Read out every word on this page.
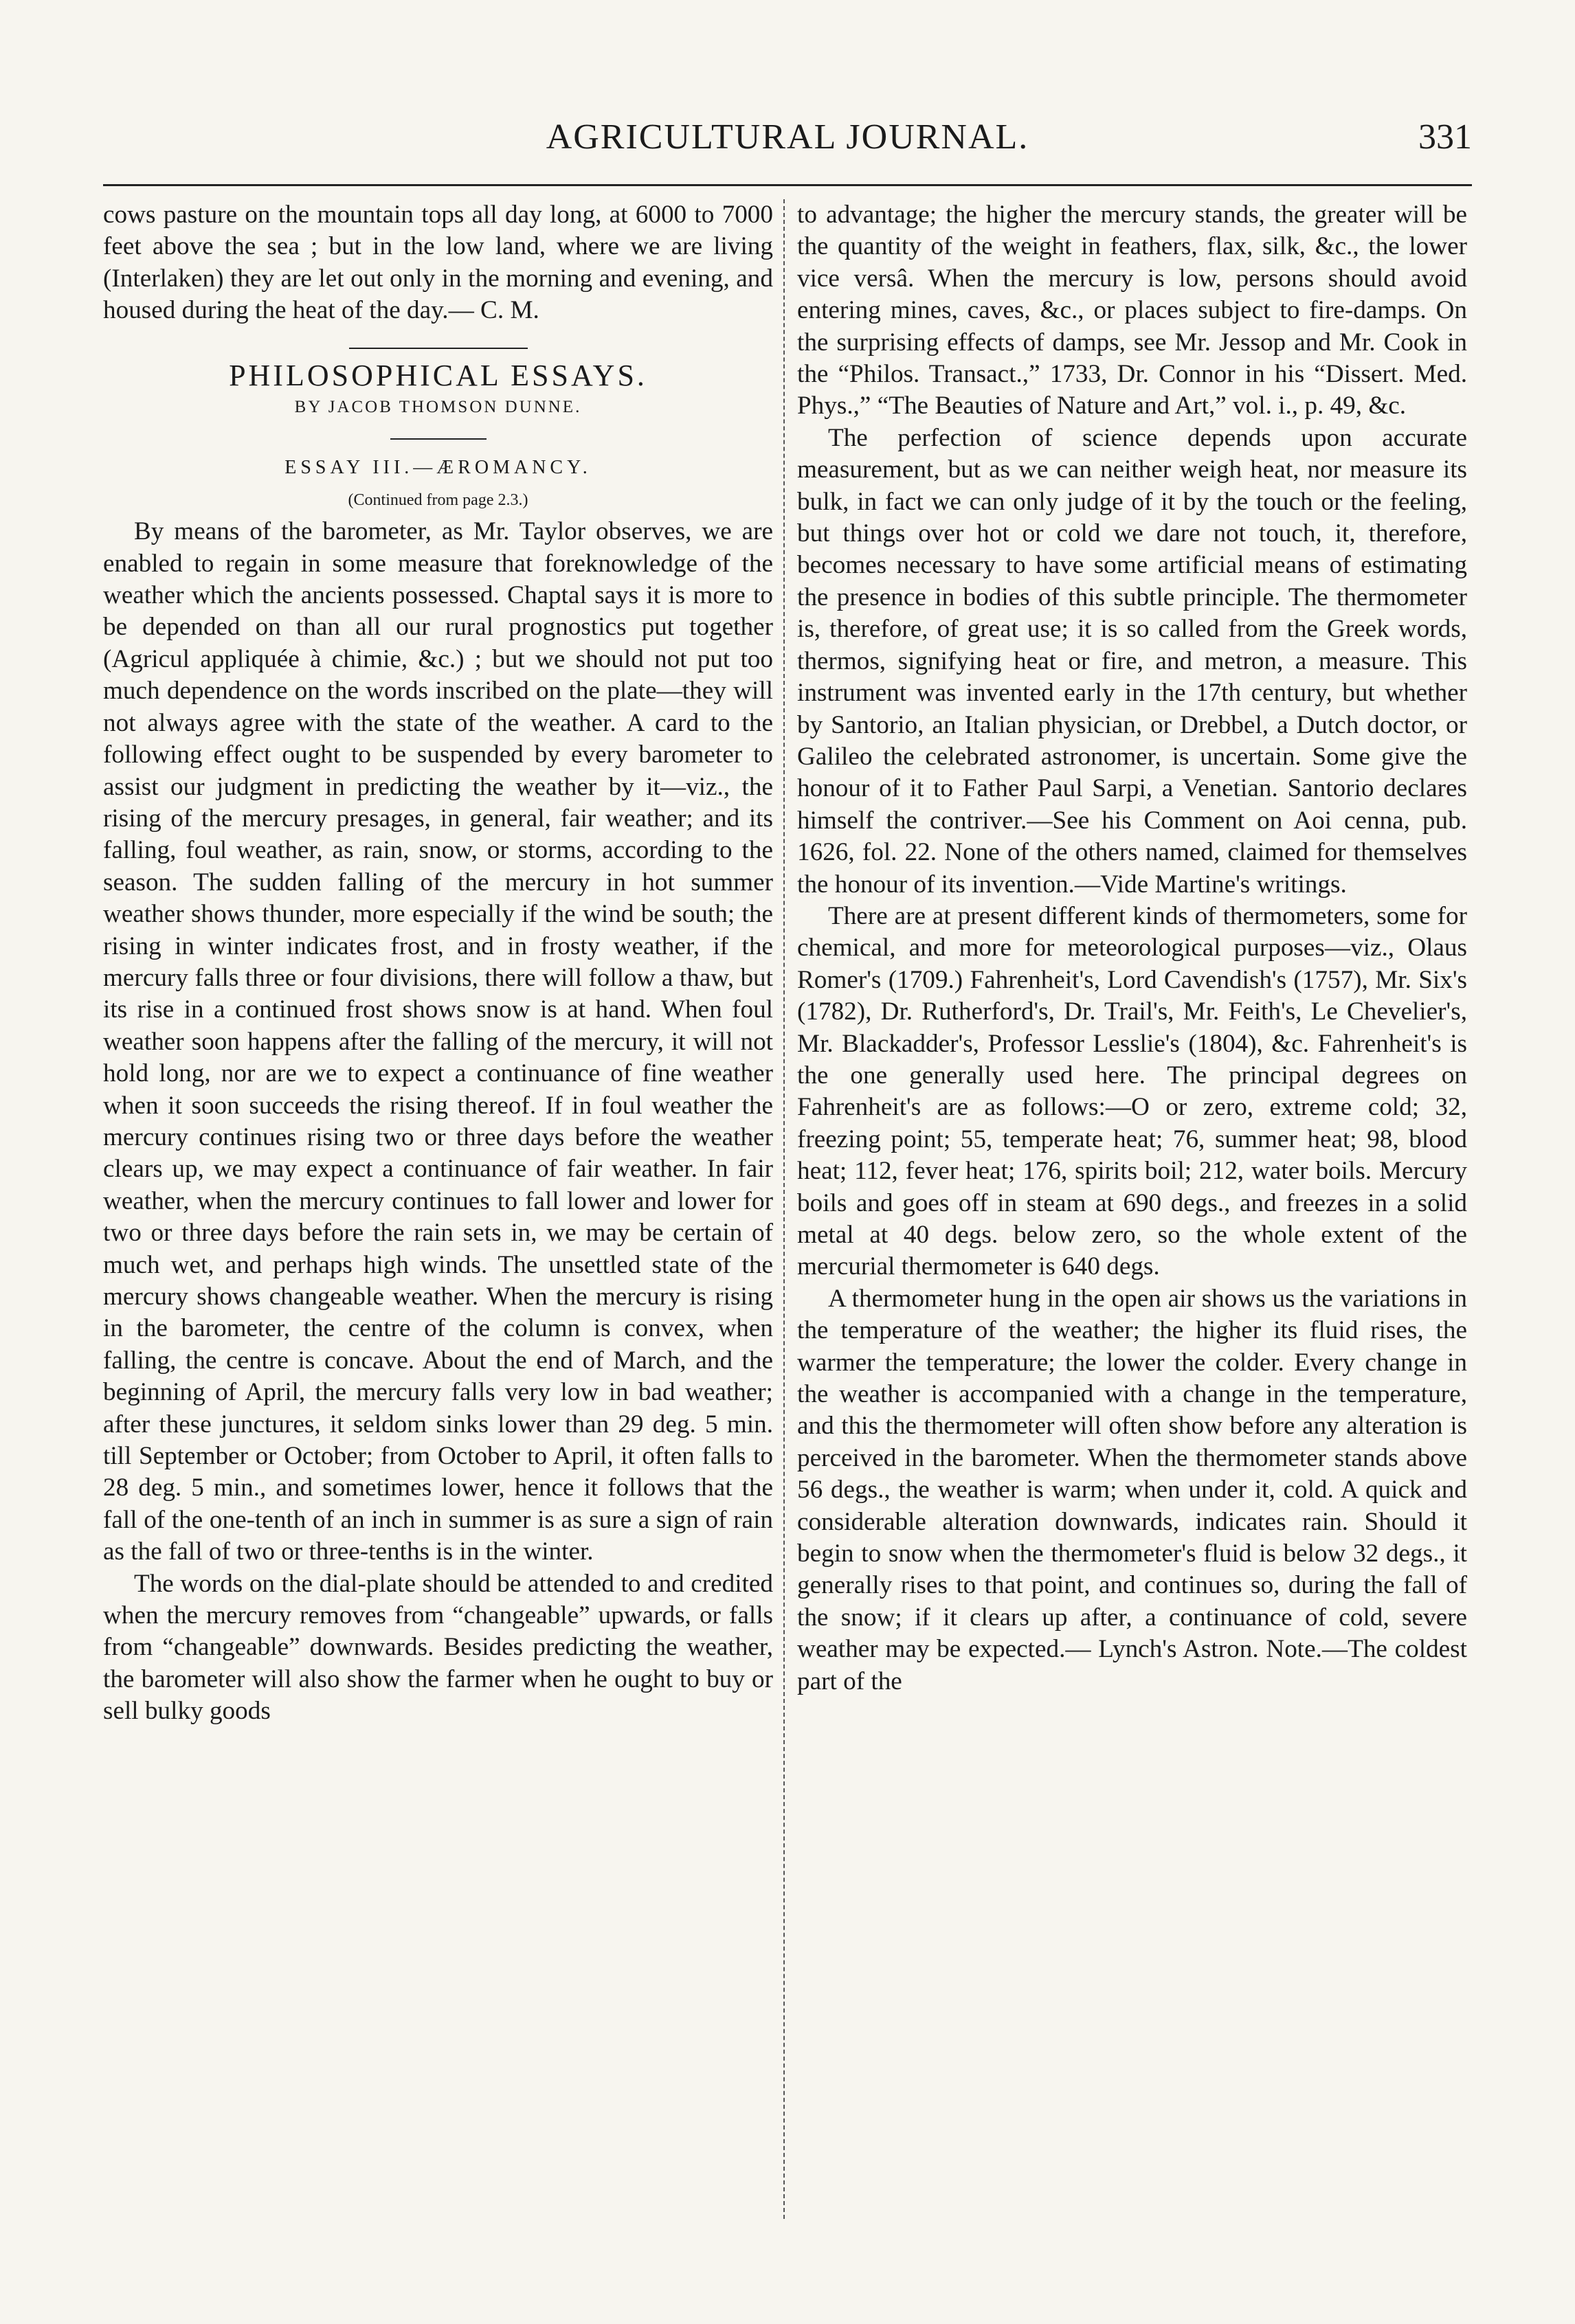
AGRICULTURAL JOURNAL.	331

cows pasture on the mountain tops all day long, at 6000 to 7000 feet above the sea ; but in the low land, where we are living (Interlaken) they are let out only in the morning and evening, and housed during the heat of the day.— C. M.

PHILOSOPHICAL ESSAYS.

BY JACOB THOMSON DUNNE.

ESSAY III.—ÆROMANCY.

(Continued from page 2.3.)

By means of the barometer, as Mr. Taylor observes, we are enabled to regain in some measure that foreknowledge of the weather which the ancients possessed. Chaptal says it is more to be depended on than all our rural prognostics put together (Agricul appliquée à chimie, &c.) ; but we should not put too much dependence on the words inscribed on the plate—they will not always agree with the state of the weather. A card to the following effect ought to be suspended by every barometer to assist our judgment in predicting the weather by it—viz., the rising of the mercury presages, in general, fair weather; and its falling, foul weather, as rain, snow, or storms, according to the season. The sudden falling of the mercury in hot summer weather shows thunder, more especially if the wind be south; the rising in winter indicates frost, and in frosty weather, if the mercury falls three or four divisions, there will follow a thaw, but its rise in a continued frost shows snow is at hand. When foul weather soon happens after the falling of the mercury, it will not hold long, nor are we to expect a continuance of fine weather when it soon succeeds the rising thereof. If in foul weather the mercury continues rising two or three days before the weather clears up, we may expect a continuance of fair weather. In fair weather, when the mercury continues to fall lower and lower for two or three days before the rain sets in, we may be certain of much wet, and perhaps high winds. The unsettled state of the mercury shows changeable weather. When the mercury is rising in the barometer, the centre of the column is convex, when falling, the centre is concave. About the end of March, and the beginning of April, the mercury falls very low in bad weather; after these junctures, it seldom sinks lower than 29 deg. 5 min. till September or October; from October to April, it often falls to 28 deg. 5 min., and sometimes lower, hence it follows that the fall of the one-tenth of an inch in summer is as sure a sign of rain as the fall of two or three-tenths is in the winter.

The words on the dial-plate should be attended to and credited when the mercury removes from “changeable” upwards, or falls from “changeable” downwards. Besides predicting the weather, the barometer will also show the farmer when he ought to buy or sell bulky goods

to advantage; the higher the mercury stands, the greater will be the quantity of the weight in feathers, flax, silk, &c., the lower vice versâ. When the mercury is low, persons should avoid entering mines, caves, &c., or places subject to fire-damps. On the surprising effects of damps, see Mr. Jessop and Mr. Cook in the “Philos. Transact.,” 1733, Dr. Connor in his “Dissert. Med. Phys.,” “The Beauties of Nature and Art,” vol. i., p. 49, &c.

The perfection of science depends upon accurate measurement, but as we can neither weigh heat, nor measure its bulk, in fact we can only judge of it by the touch or the feeling, but things over hot or cold we dare not touch, it, therefore, becomes necessary to have some artificial means of estimating the presence in bodies of this subtle principle. The thermometer is, therefore, of great use; it is so called from the Greek words, thermos, signifying heat or fire, and metron, a measure. This instrument was invented early in the 17th century, but whether by Santorio, an Italian physician, or Drebbel, a Dutch doctor, or Galileo the celebrated astronomer, is uncertain. Some give the honour of it to Father Paul Sarpi, a Venetian. Santorio declares himself the contriver.—See his Comment on Aoi cenna, pub. 1626, fol. 22. None of the others named, claimed for themselves the honour of its invention.—Vide Martine's writings.

There are at present different kinds of thermometers, some for chemical, and more for meteorological purposes—viz., Olaus Romer's (1709.) Fahrenheit's, Lord Cavendish's (1757), Mr. Six's (1782), Dr. Rutherford's, Dr. Trail's, Mr. Feith's, Le Chevelier's, Mr. Blackadder's, Professor Lesslie's (1804), &c. Fahrenheit's is the one generally used here. The principal degrees on Fahrenheit's are as follows:—O or zero, extreme cold; 32, freezing point; 55, temperate heat; 76, summer heat; 98, blood heat; 112, fever heat; 176, spirits boil; 212, water boils. Mercury boils and goes off in steam at 690 degs., and freezes in a solid metal at 40 degs. below zero, so the whole extent of the mercurial thermometer is 640 degs.

A thermometer hung in the open air shows us the variations in the temperature of the weather; the higher its fluid rises, the warmer the temperature; the lower the colder. Every change in the weather is accompanied with a change in the temperature, and this the thermometer will often show before any alteration is perceived in the barometer. When the thermometer stands above 56 degs., the weather is warm; when under it, cold. A quick and considerable alteration downwards, indicates rain. Should it begin to snow when the thermometer's fluid is below 32 degs., it generally rises to that point, and continues so, during the fall of the snow; if it clears up after, a continuance of cold, severe weather may be expected.— Lynch's Astron. Note.—The coldest part of the
